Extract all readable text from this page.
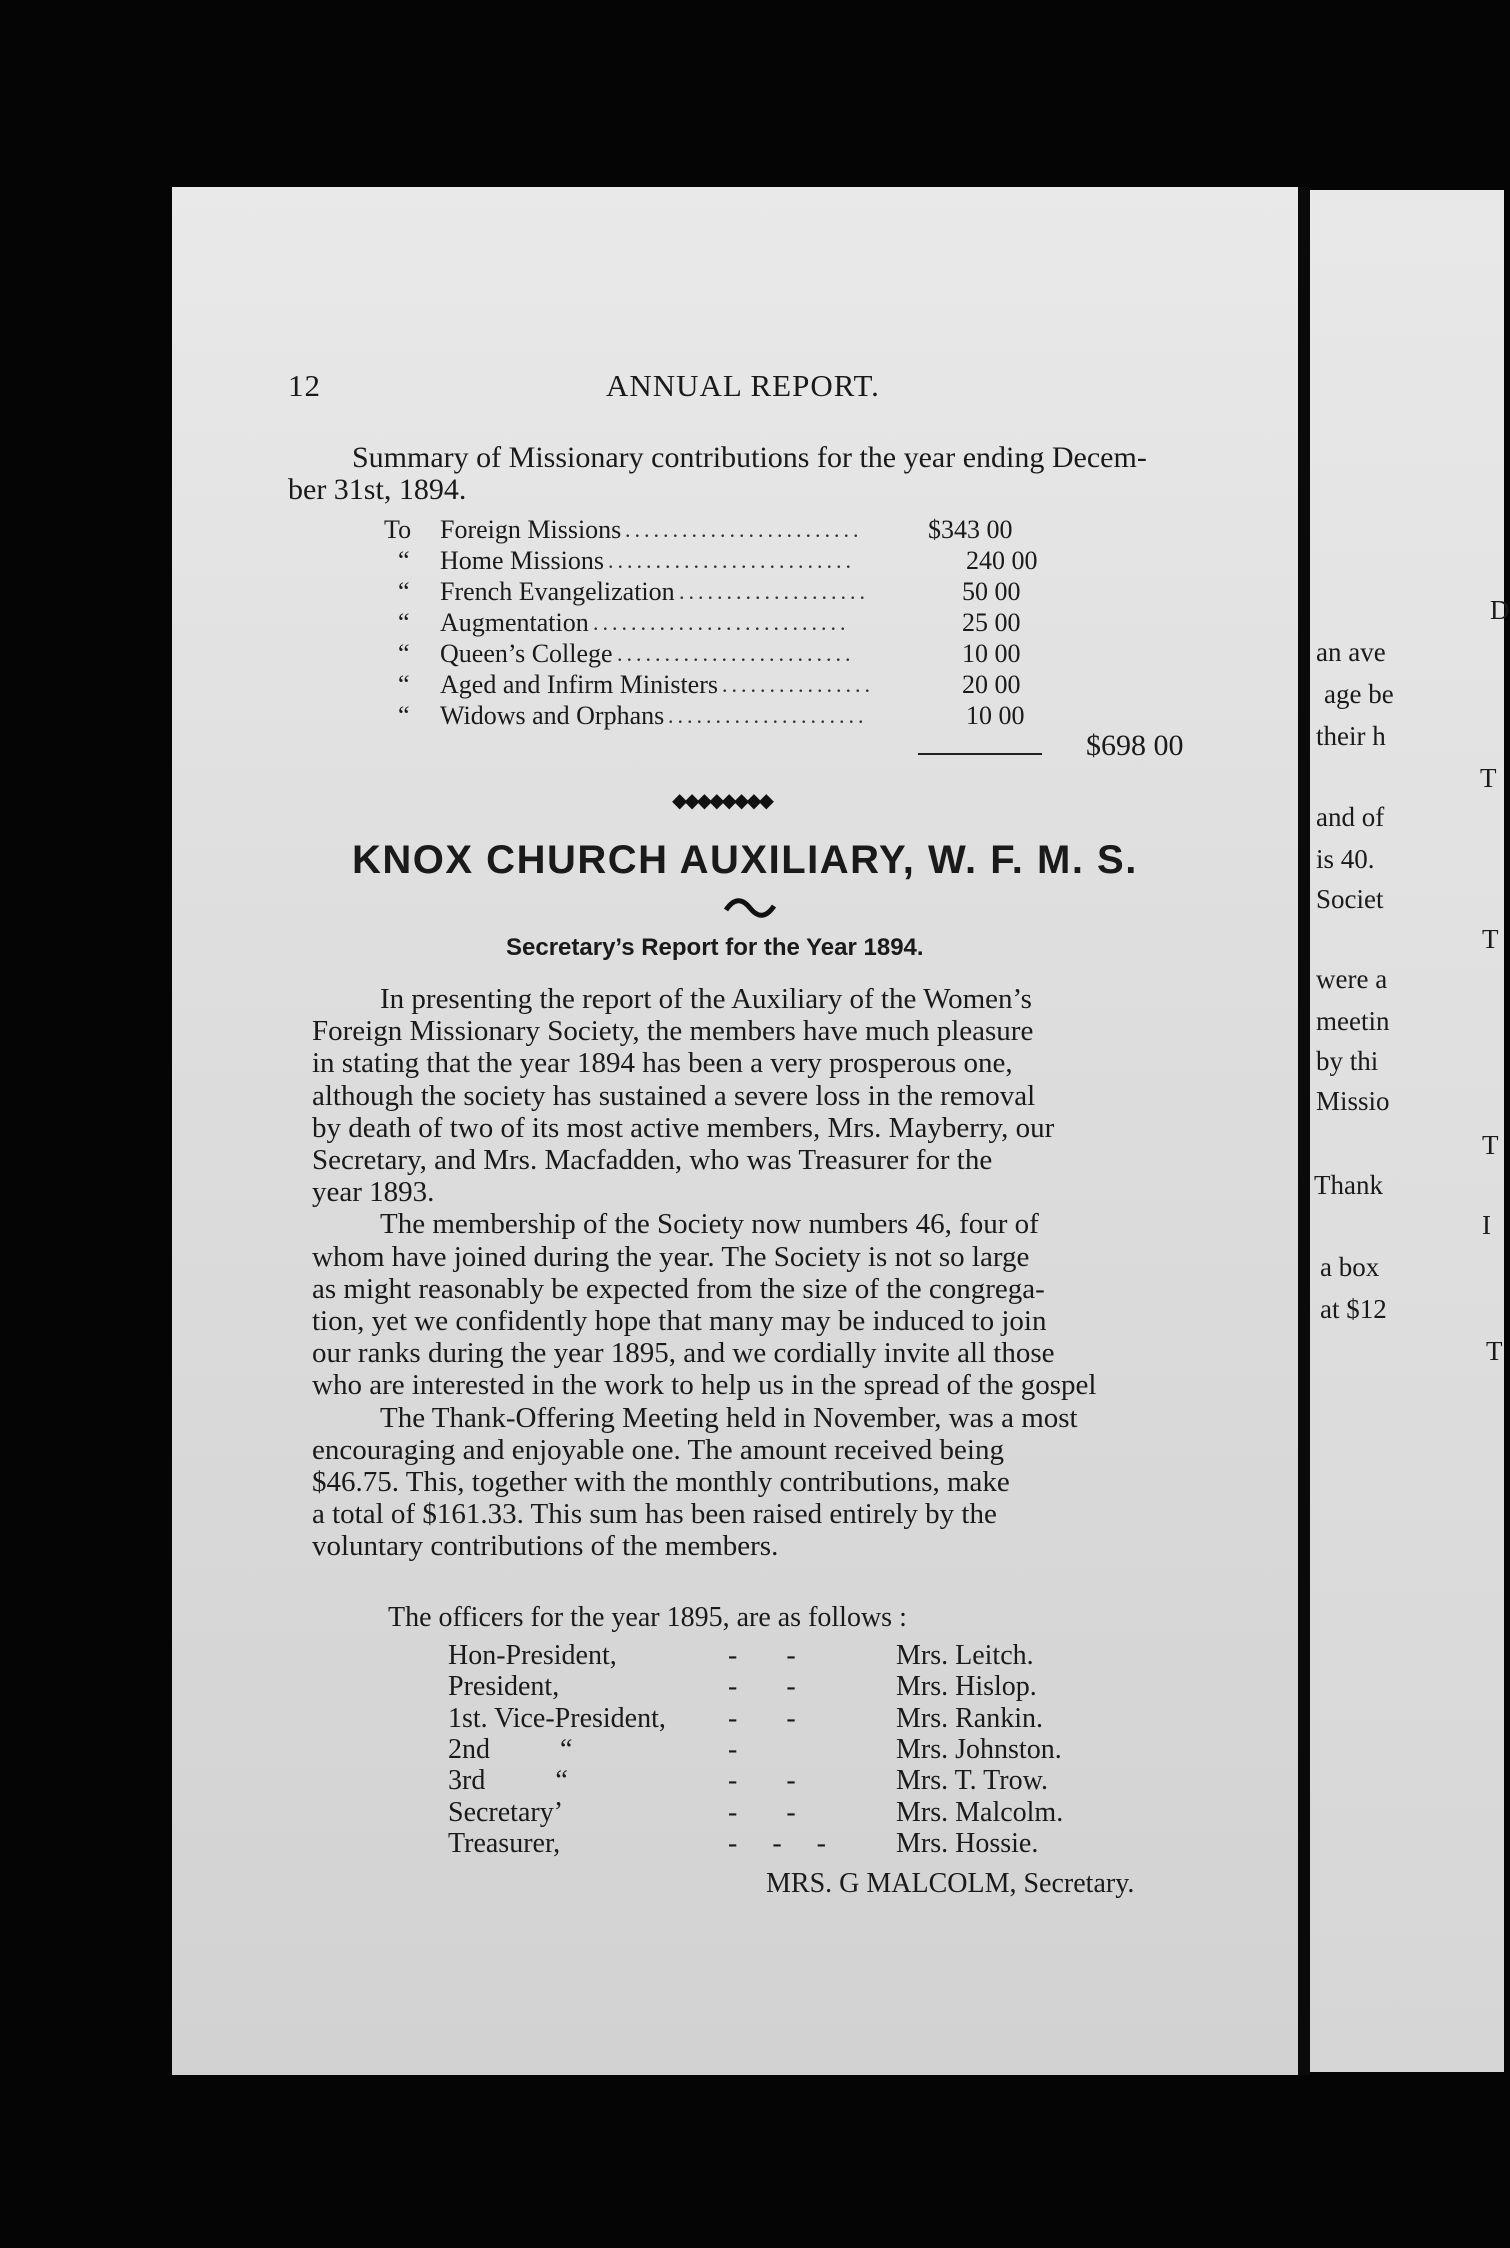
D
an ave
age be
their h
T
and of
is 40.
Societ
T
were a
meetin
by thi
Missio
T
Thank
I
a box
at $12
T
12	ANNUAL REPORT.
Summary of Missionary contributions for the year ending Decem-
ber 31st, 1894.
To Foreign Missions .........................	$343 00
“ Home Missions ..........................	240 00
“ French Evangelization ....................	50 00
“ Augmentation ...........................	25 00
“ Queen’s College .........................	10 00
“ Aged and Infirm Ministers ................	20 00
“ Widows and Orphans .....................	10 00
$698 00
◆◆◆◆◆◆◆◆
KNOX CHURCH AUXILIARY, W. F. M. S.
Secretary’s Report for the Year 1894.
In presenting the report of the Auxiliary of the Women’s
Foreign Missionary Society, the members have much pleasure
in stating that the year 1894 has been a very prosperous one,
although the society has sustained a severe loss in the removal
by death of two of its most active members, Mrs. Mayberry, our
Secretary, and Mrs. Macfadden, who was Treasurer for the
year 1893.
The membership of the Society now numbers 46, four of
whom have joined during the year. The Society is not so large
as might reasonably be expected from the size of the congrega-
tion, yet we confidently hope that many may be induced to join
our ranks during the year 1895, and we cordially invite all those
who are interested in the work to help us in the spread of the gospel
The Thank-Offering Meeting held in November, was a most
encouraging and enjoyable one. The amount received being
$46.75. This, together with the monthly contributions, make
a total of $161.33. This sum has been raised entirely by the
voluntary contributions of the members.
The officers for the year 1895, are as follows :
Hon-President,	-       -	Mrs. Leitch.
President,	-       -	Mrs. Hislop.
1st. Vice-President, -       -	Mrs. Rankin.
2nd          “	-	Mrs. Johnston.
3rd          “	-       -	Mrs. T. Trow.
Secretary’	-       -	Mrs. Malcolm.
Treasurer,	-     -     -	Mrs. Hossie.
MRS. G MALCOLM, Secretary.
